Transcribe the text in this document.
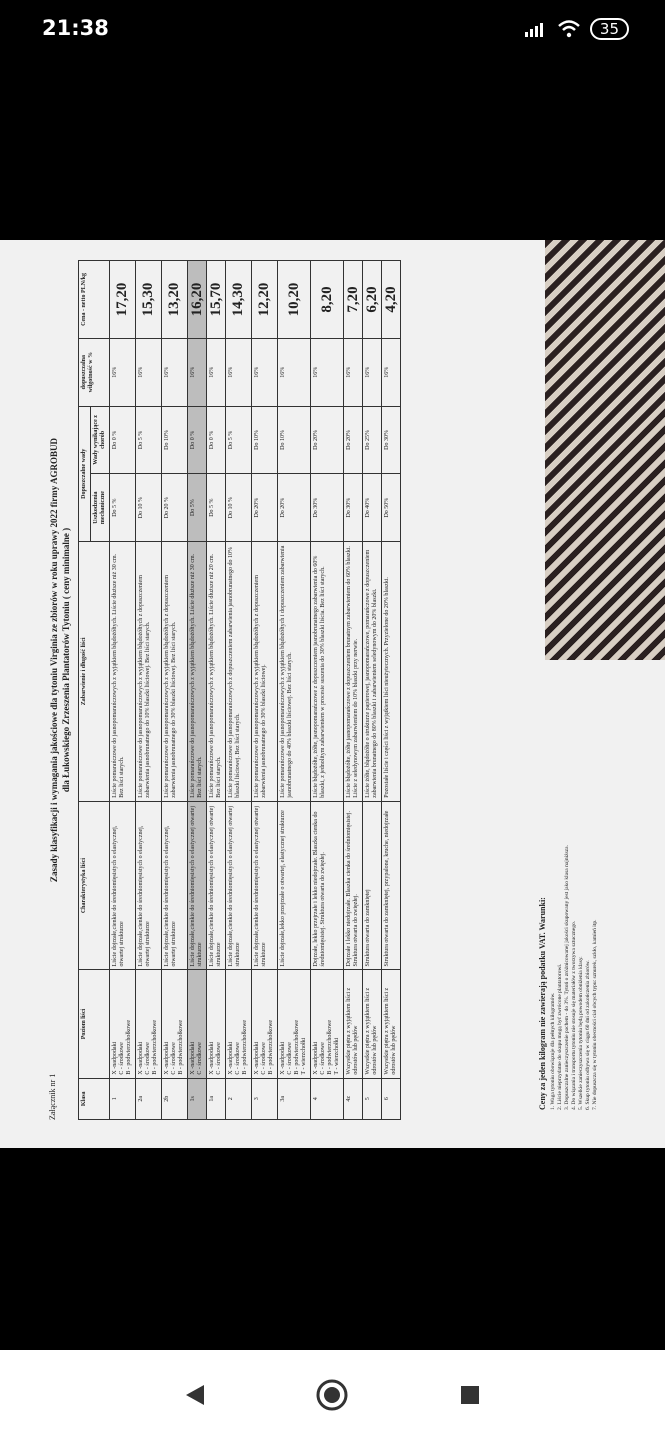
21:38	35
Załącznik nr 1
Zasady klasyfikacji i wymagania jakościowe dla tytoniu Virginia ze zbiorów w roku uprawy 2022 firmy AGROBUD dla Łukowskiego Zrzeszenia Plantatorów Tytoniu ( ceny minimalne )
Klasa	Poziom liści	Charakterystyka liści	Zabarwienie i długość liści	Dopuszczalne wady		dopuszczalna wilgotność w %	Cena - netto PLN/kg
				Uszkodzenia mechaniczne	Wady wynikające z chorób		
1	X -nadpodaki
C - środkowe
B - podwierzchołkowe	Liście dojrzałe,cienkie do średniomięsistych o elastycznej, otwartej strukturze	Liście pomarańczowe do jasnopomarańczowych z wyjątkiem błądożółtych. Liście dłuższe niż 30 cm. Bez liści starych.	Do 5 %	Do 0 %	16%	17,20
2a	X -nadpodaki
C - środkowe
B - podwierzchołkowe	Liście dojrzałe,cienkie do średniomięsistych o elastycznej, otwartej strukturze	Liście pomarańczowe do jasnopomarańczowych z wyjątkiem błądożółtych z dopuszczeniem zabarwienia jasnobrunatnego do 10% blaszki liściowej. Bez liści starych.	Do 10 %	Do 5 %	16%	15,30
2b	X -nadpodaki
C - środkowe
B - podwierzchołkowe	Liście dojrzałe,cienkie do średniomięsistych o elastycznej, otwartej strukturze	Liście pomarańczowe do jasnopomarańczowych z wyjątkiem błądożółtych z dopuszczeniem zabarwienia jasnobrunatnego do 30% blaszki liściowej. Bez liści starych.	Do 20 %	Do 10%	16%	13,20
1s	X -nadpodaki
C - środkowe	Liście dojrzałe,cienkie do średniomięsistych o elastycznej otwartej strukturze	Liście pomarańczowe do jasnopomarańczowych z wyjątkiem błądożółtych. Liście dłuższe niż 30 cm. Bez liści starych.	Do 5%	Do 0 %	16%	16,20
1a	X -nadpodaki
C - środkowe	Liście dojrzałe,cienkie do średniomięsistych o elastycznej otwartej strukturze	Liście pomarańczowe do jasnopomarańczowych z wyjątkiem błądożółtych. Liście dłuższe niż 20 cm. Bez liści starych.	Do 5 %	Do 0 %	16%	15,70
2	X -nadpodaki
C - środkowe
B - podwierzchołkowe	Liście dojrzałe,cienkie do średniomięsistych o elastycznej otwartej strukturze	Liście pomarańczowe do jasnopomarańczowych z dopuszczeniem zabarwienia jasnobrunatnego do 10% blaszki liściowej. Bez liści starych.	Do 10 %	Do 5 %	16%	14,30
3	X -nadpodaki
C - środkowe
B - podwierzchołkowe	Liście dojrzałe,cienkie do średniomięsistych o elastycznej otwartej strukturze	Liście pomarańczowe do jasnopomarańczowych z wyjątkiem błądożółtych z dopuszczeniem zabarwienia jasnobrunatnego do 30% blaszki liściowej.	Do 20%	Do 10%	16%	12,20
3a	X -nadpodaki
C - środkowe
B - podwierzchołkowe
T - wierzchołki	Liście dojrzałe,lekko przejrzałe o otwartej, elastycznej strukturze	Liście pomarańczowe do jasnopomarańczowych z wyjątkiem błądożółtych i dopuszczeniem zabarwienia jasnobrunatnego do 40% blaszki liściowej. Bez liści starych.	Do 20%	Do 10%	16%	10,20
4	X -nadpodaki
C - środkowe
B - podwierzchołkowe
T - wierzchołki	Dojrzałe, lekko przejrzałe i lekko niedojrzałe. Blaszka cienka do średniomięsistej. Struktura otwarta do zwięzłej.	Liście błądożółte, żółte, jasnopomarańczowe z dopuszczeniem jasnobrunatnego zabarwienia do 60% blaszki, z jednolitym zabarwieniem w procesie suszenia do 30% blaszki liścia. Bez liści starych.	Do 30%	Do 20%	16%	8,20
4z	Wszystkie piętra z wyjątkiem liści z odrostów lub pędów	Dojrzałe i lekko niedojrzałe. Blaszka cienka do średniomięsistej. Struktura otwarta do zwięzłej.	Liście błądożółte, żółte jasnopomarańczowe z dopuszczeniem brunatnym zabarwieniem do 60% blaszki. Liście z seledynowym zabarwieniem do 10% blaszki przy nerwie.	Do 30%	Do 20%	16%	7,20
5	Wszystkie piętra z wyjątkiem liści z odrostów lub pędów	Struktura otwarta do zamkniętej	Liście żółte, błądożółte o strukturze papierowej, jasnopomarańczowe, pomarańczowe z dopuszczeniem zabarwienia brunatnego do 80% blaszki i zabarwieniem seledynowym do 20% blaszki.	Do 40%	Do 25%	16%	6,20
6	Wszystkie piętra z wyjątkiem liści z odrostów lub pędów	Struktura otwarta do zamkniętej, przypalone, kruche, niedojrzałe	Pozostałe liście i części liści z wyjątkiem liści nieużytecznych. Przyzielone do 20% blaszki.	Do 50%	Do 30%	16%	4,20
Ceny za jeden kilogram nie zawierają podatku VAT. Warunki: 1. Waga tytoniu obowiązuje dla pełnych kilogramów. 2. Liście nieprzydatne do skupu mogą być zwrócone plantatorowi. 3. Dopuszczalne zanieczyszczenie pachem - do 3%. Tytoń o zróżnicowanej jakości skupowany jest jako klasa najniższa. 4. Do wiązania i transportu tytoniu nie stosuje się materiałów z tworzywa sztucznego. 5. Wszelkie zanieczyszczenia tytoniu będą powodem obniżenia klasy. 6. Skup tytoniu odbywa się w ciągu 60 dni od zakończenia zbiorów. 7. Nie dopuszcza się w tytoniu obecności ciał obcych typu: sznurek, szkło, kamień itp.
